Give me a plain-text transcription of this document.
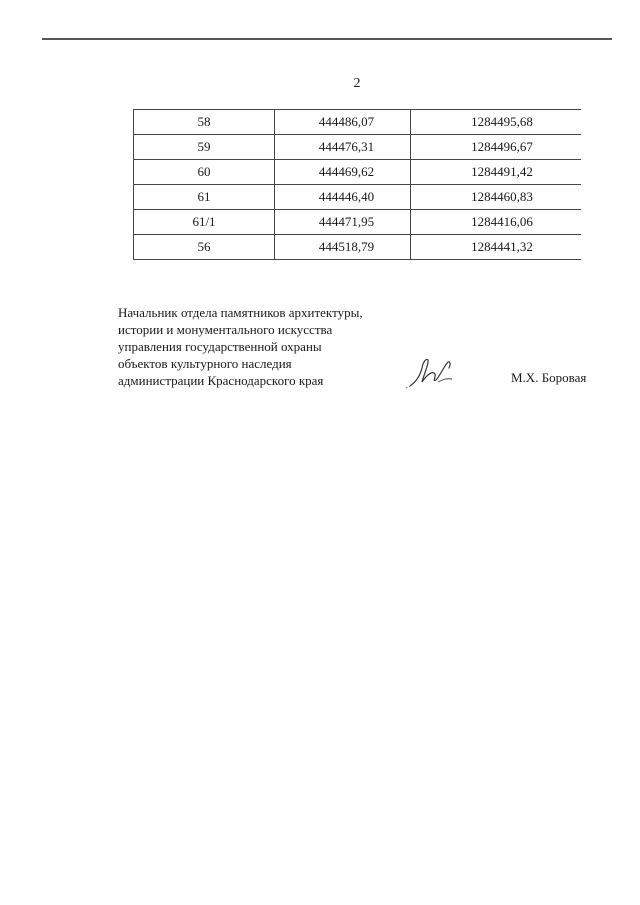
2
58	444486,07	1284495,68
59	444476,31	1284496,67
60	444469,62	1284491,42
61	444446,40	1284460,83
61/1	444471,95	1284416,06
56	444518,79	1284441,32
Начальник отдела памятников архитектуры,
истории и монументального искусства
управления государственной охраны
объектов культурного наследия
администрации Краснодарского края	М.Х. Боровая
